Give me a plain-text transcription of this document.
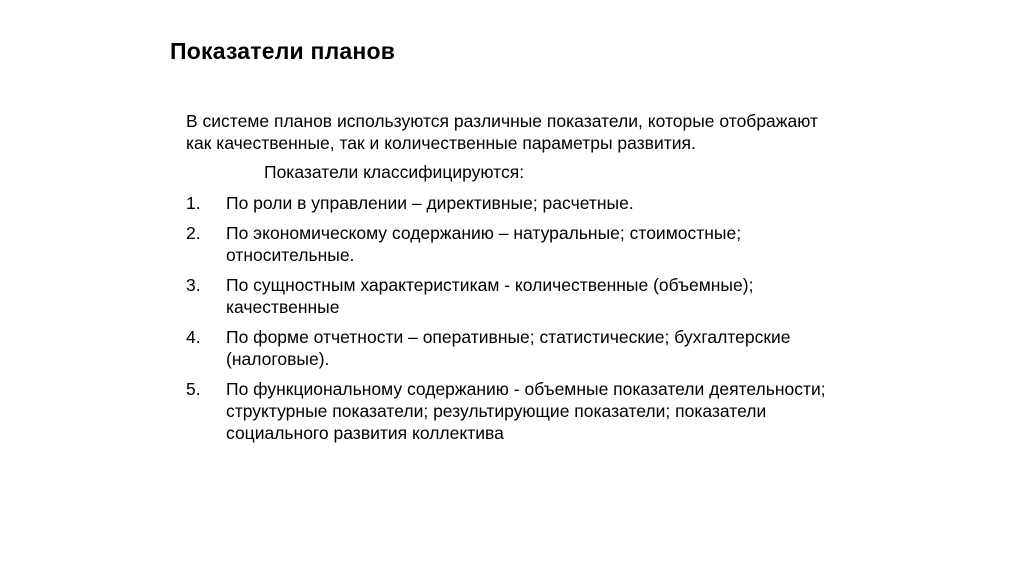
Показатели планов

В системе планов используются различные показатели, которые отображают как качественные, так и количественные параметры развития.

Показатели классифицируются:

1.	По роли в управлении – директивные; расчетные.
2.	По экономическому содержанию – натуральные; стоимостные; относительные.
3.	По сущностным характеристикам - количественные (объемные); качественные
4.	По форме отчетности – оперативные; статистические; бухгалтерские (налоговые).
5.	По функциональному содержанию - объемные показатели деятельности; структурные показатели; результирующие показатели; показатели социального развития коллектива
